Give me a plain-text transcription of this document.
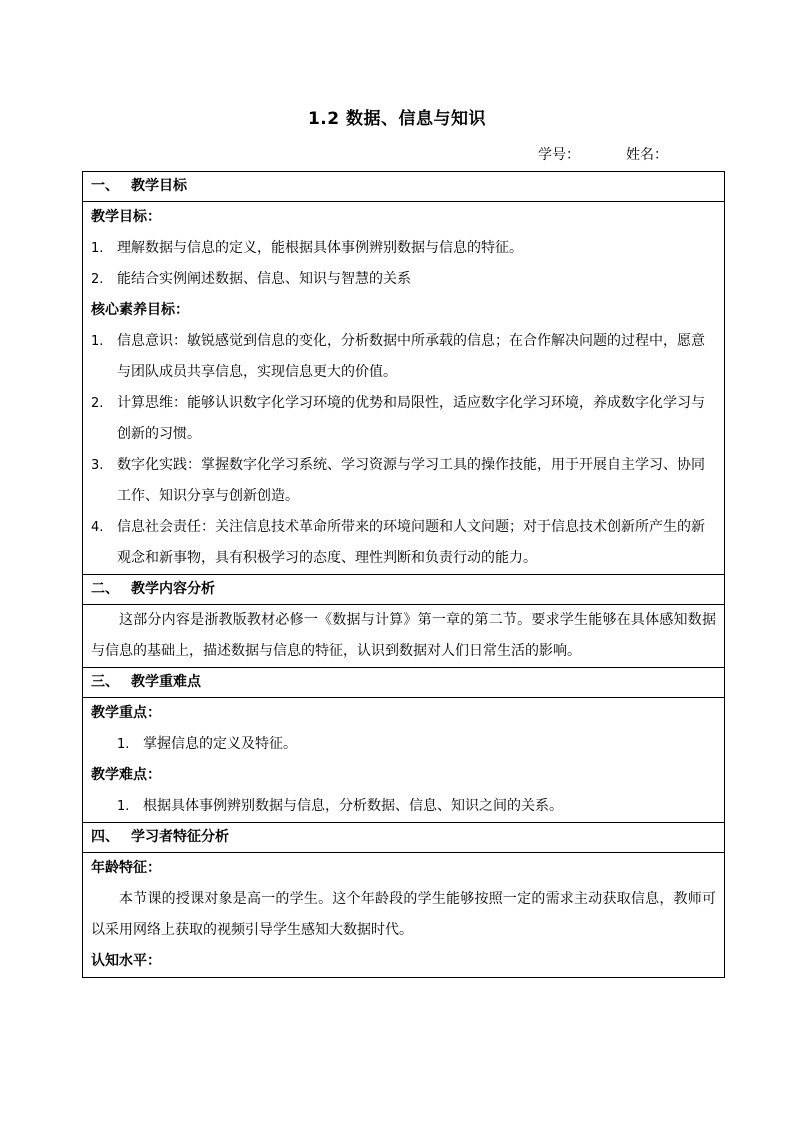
1.2 数据、信息与知识
学号：	姓名：
一、 教学目标

教学目标：
1. 理解数据与信息的定义，能根据具体事例辨别数据与信息的特征。
2. 能结合实例阐述数据、信息、知识与智慧的关系
核心素养目标：
1. 信息意识：敏锐感觉到信息的变化，分析数据中所承载的信息；在合作解决问题的过程中，愿意与团队成员共享信息，实现信息更大的价值。
2. 计算思维：能够认识数字化学习环境的优势和局限性，适应数字化学习环境，养成数字化学习与创新的习惯。
3. 数字化实践：掌握数字化学习系统、学习资源与学习工具的操作技能，用于开展自主学习、协同工作、知识分享与创新创造。
4. 信息社会责任：关注信息技术革命所带来的环境问题和人文问题；对于信息技术创新所产生的新观念和新事物，具有积极学习的态度、理性判断和负责行动的能力。

二、 教学内容分析

这部分内容是浙教版教材必修一《数据与计算》第一章的第二节。要求学生能够在具体感知数据与信息的基础上，描述数据与信息的特征，认识到数据对人们日常生活的影响。

三、 教学重难点

教学重点：
1. 掌握信息的定义及特征。
教学难点：
1. 根据具体事例辨别数据与信息，分析数据、信息、知识之间的关系。

四、 学习者特征分析

年龄特征：
本节课的授课对象是高一的学生。这个年龄段的学生能够按照一定的需求主动获取信息，教师可以采用网络上获取的视频引导学生感知大数据时代。
认知水平：
